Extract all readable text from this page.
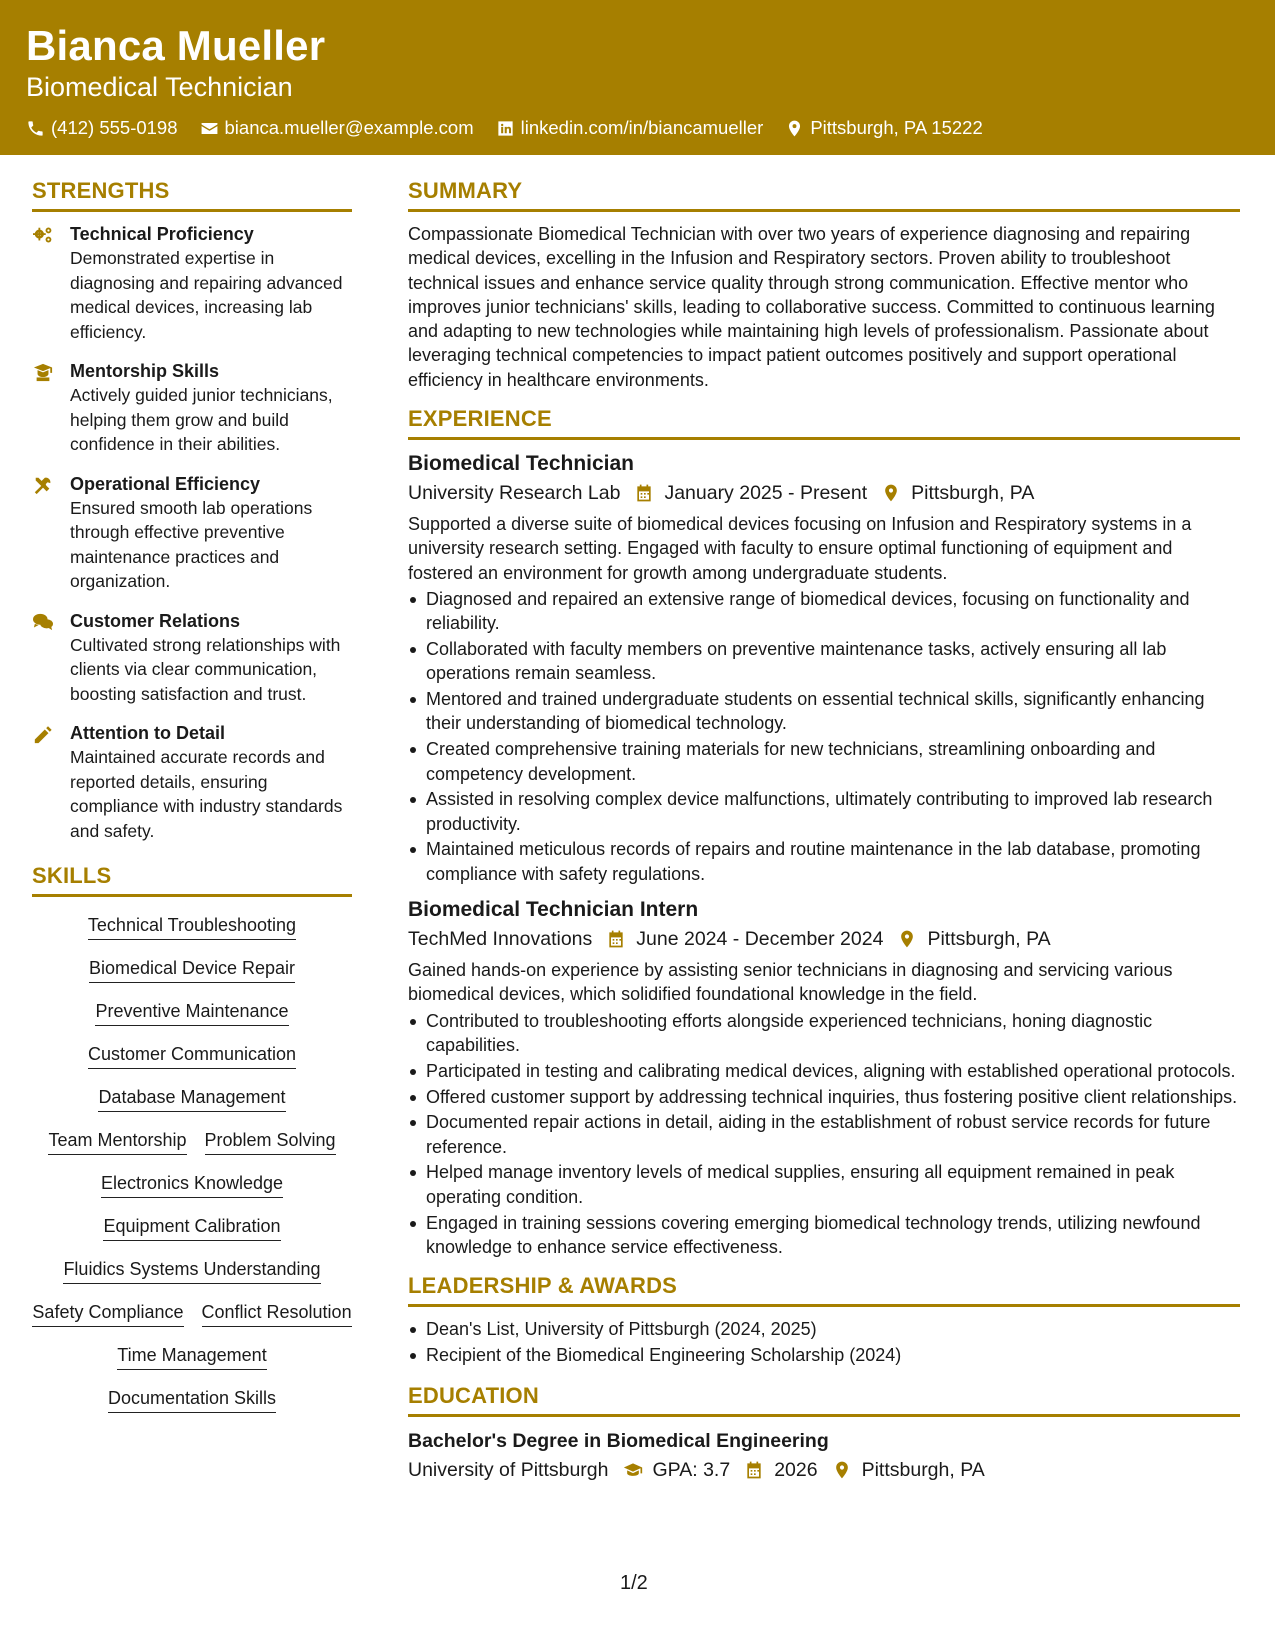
Bianca Mueller
Biomedical Technician
(412) 555-0198	bianca.mueller@example.com	linkedin.com/in/biancamueller	Pittsburgh, PA 15222
STRENGTHS
Technical Proficiency
Demonstrated expertise in diagnosing and repairing advanced medical devices, increasing lab efficiency.
Mentorship Skills
Actively guided junior technicians, helping them grow and build confidence in their abilities.
Operational Efficiency
Ensured smooth lab operations through effective preventive maintenance practices and organization.
Customer Relations
Cultivated strong relationships with clients via clear communication, boosting satisfaction and trust.
Attention to Detail
Maintained accurate records and reported details, ensuring compliance with industry standards and safety.
SKILLS
Technical Troubleshooting
Biomedical Device Repair
Preventive Maintenance
Customer Communication
Database Management
Team Mentorship Problem Solving
Electronics Knowledge
Equipment Calibration
Fluidics Systems Understanding
Safety Compliance Conflict Resolution
Time Management
Documentation Skills
SUMMARY
Compassionate Biomedical Technician with over two years of experience diagnosing and repairing medical devices, excelling in the Infusion and Respiratory sectors. Proven ability to troubleshoot technical issues and enhance service quality through strong communication. Effective mentor who improves junior technicians' skills, leading to collaborative success. Committed to continuous learning and adapting to new technologies while maintaining high levels of professionalism. Passionate about leveraging technical competencies to impact patient outcomes positively and support operational efficiency in healthcare environments.
EXPERIENCE
Biomedical Technician
University Research Lab January 2025 - Present Pittsburgh, PA
Supported a diverse suite of biomedical devices focusing on Infusion and Respiratory systems in a university research setting. Engaged with faculty to ensure optimal functioning of equipment and fostered an environment for growth among undergraduate students.
Diagnosed and repaired an extensive range of biomedical devices, focusing on functionality and reliability.
Collaborated with faculty members on preventive maintenance tasks, actively ensuring all lab operations remain seamless.
Mentored and trained undergraduate students on essential technical skills, significantly enhancing their understanding of biomedical technology.
Created comprehensive training materials for new technicians, streamlining onboarding and competency development.
Assisted in resolving complex device malfunctions, ultimately contributing to improved lab research productivity.
Maintained meticulous records of repairs and routine maintenance in the lab database, promoting compliance with safety regulations.
Biomedical Technician Intern
TechMed Innovations June 2024 - December 2024 Pittsburgh, PA
Gained hands-on experience by assisting senior technicians in diagnosing and servicing various biomedical devices, which solidified foundational knowledge in the field.
Contributed to troubleshooting efforts alongside experienced technicians, honing diagnostic capabilities.
Participated in testing and calibrating medical devices, aligning with established operational protocols.
Offered customer support by addressing technical inquiries, thus fostering positive client relationships.
Documented repair actions in detail, aiding in the establishment of robust service records for future reference.
Helped manage inventory levels of medical supplies, ensuring all equipment remained in peak operating condition.
Engaged in training sessions covering emerging biomedical technology trends, utilizing newfound knowledge to enhance service effectiveness.
LEADERSHIP & AWARDS
Dean's List, University of Pittsburgh (2024, 2025)
Recipient of the Biomedical Engineering Scholarship (2024)
EDUCATION
Bachelor's Degree in Biomedical Engineering
University of Pittsburgh GPA: 3.7 2026 Pittsburgh, PA
1/2
